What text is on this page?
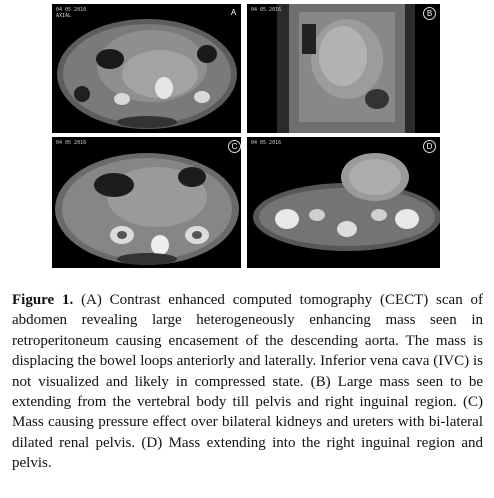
04 05 2016
AXIAL	A	04 05 2016	B
04 05 2016	C	04 05 2016	D

Figure 1. (A) Contrast enhanced computed tomography (CECT) scan of abdomen revealing large heterogeneously enhancing mass seen in retroperitoneum causing encasement of the descending aorta. The mass is displacing the bowel loops anteriorly and laterally. Inferior vena cava (IVC) is not visualized and likely in compressed state. (B) Large mass seen to be extending from the vertebral body till pelvis and right inguinal region. (C) Mass causing pressure effect over bilateral kidneys and ureters with bi-lateral dilated renal pelvis. (D) Mass extending into the right inguinal region and pelvis.
